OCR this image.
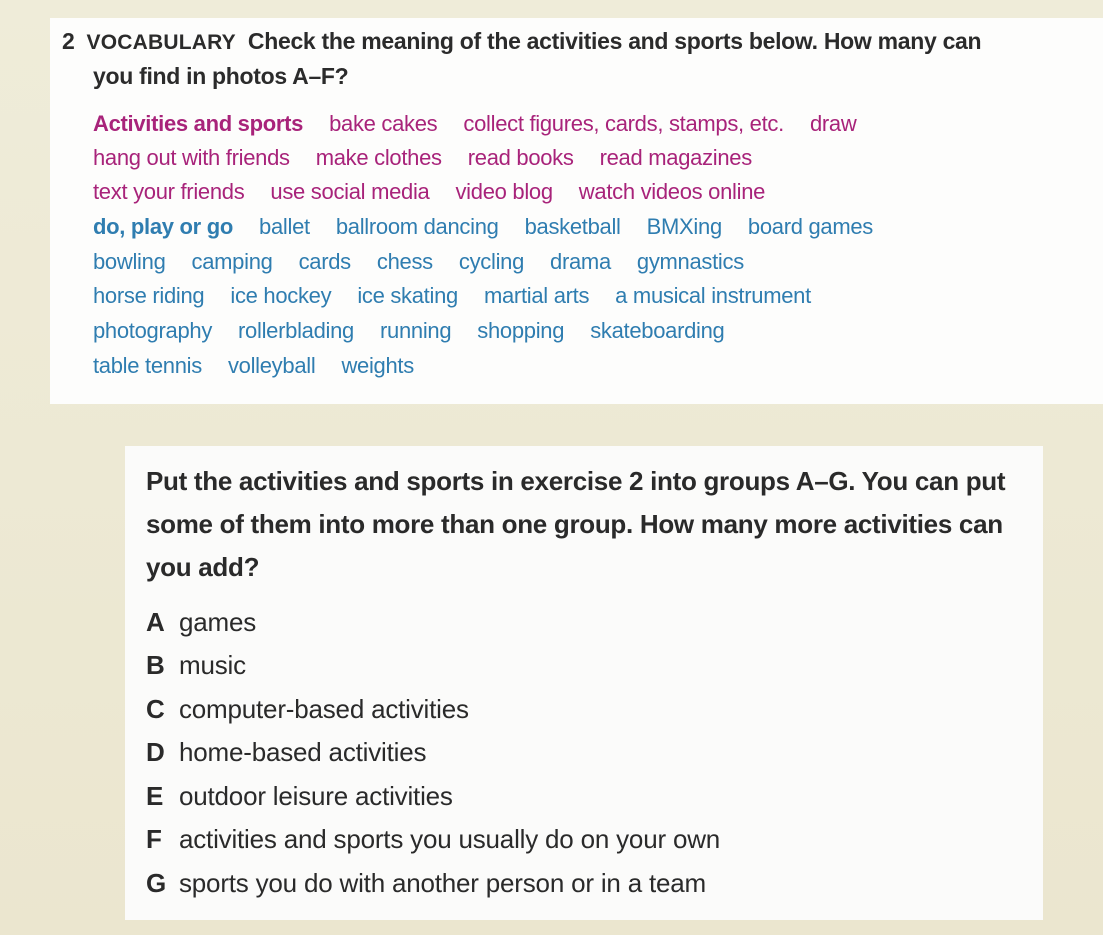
2 VOCABULARY Check the meaning of the activities and sports below. How many can
you find in photos A–F?
Activities and sports bake cakes collect figures, cards, stamps, etc. draw
hang out with friends make clothes read books read magazines
text your friends use social media video blog watch videos online
do, play or go ballet ballroom dancing basketball BMXing board games
bowling camping cards chess cycling drama gymnastics
horse riding ice hockey ice skating martial arts a musical instrument
photography rollerblading running shopping skateboarding
table tennis volleyball weights
Put the activities and sports in exercise 2 into groups A–G. You can put some of them into more than one group. How many more activities can you add?
A games
B music
C computer-based activities
D home-based activities
E outdoor leisure activities
F activities and sports you usually do on your own
G sports you do with another person or in a team
